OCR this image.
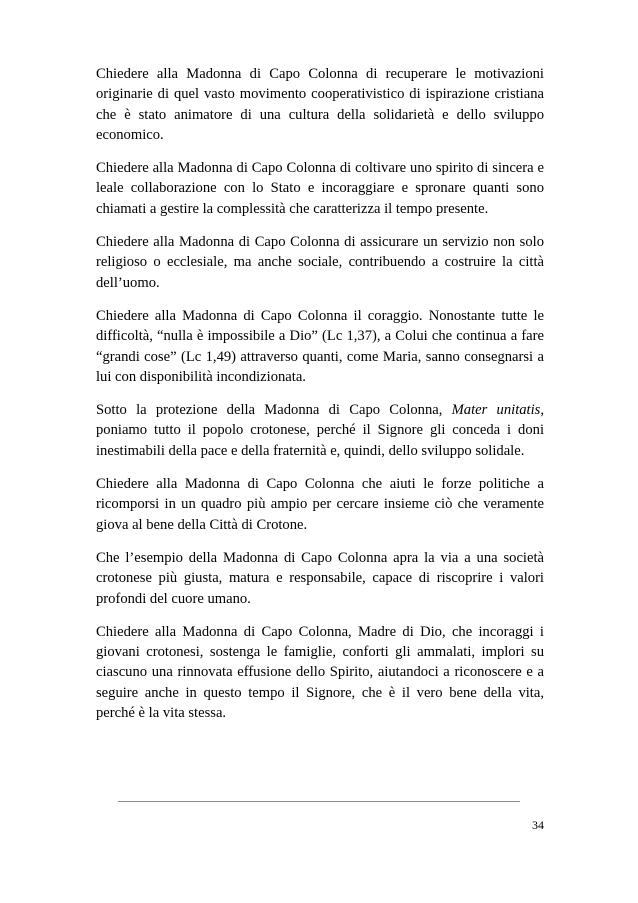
Chiedere alla Madonna di Capo Colonna di recuperare le motivazioni originarie di quel vasto movimento cooperativistico di ispirazione cristiana che è stato animatore di una cultura della solidarietà e dello sviluppo economico.

Chiedere alla Madonna di Capo Colonna di coltivare uno spirito di sincera e leale collaborazione con lo Stato e incoraggiare e spronare quanti sono chiamati a gestire la complessità che caratterizza il tempo presente.

Chiedere alla Madonna di Capo Colonna di assicurare un servizio non solo religioso o ecclesiale, ma anche sociale, contribuendo a costruire la città dell’uomo.

Chiedere alla Madonna di Capo Colonna il coraggio. Nonostante tutte le difficoltà, “nulla è impossibile a Dio” (Lc 1,37), a Colui che continua a fare “grandi cose” (Lc 1,49) attraverso quanti, come Maria, sanno consegnarsi a lui con disponibilità incondizionata.

Sotto la protezione della Madonna di Capo Colonna, Mater unitatis, poniamo tutto il popolo crotonese, perché il Signore gli conceda i doni inestimabili della pace e della fraternità e, quindi, dello sviluppo solidale.

Chiedere alla Madonna di Capo Colonna che aiuti le forze politiche a ricomporsi in un quadro più ampio per cercare insieme ciò che veramente giova al bene della Città di Crotone.

Che l’esempio della Madonna di Capo Colonna apra la via a una società crotonese più giusta, matura e responsabile, capace di riscoprire i valori profondi del cuore umano.

Chiedere alla Madonna di Capo Colonna, Madre di Dio, che incoraggi i giovani crotonesi, sostenga le famiglie, conforti gli ammalati, implori su ciascuno una rinnovata effusione dello Spirito, aiutandoci a riconoscere e a seguire anche in questo tempo il Signore, che è il vero bene della vita, perché è la vita stessa.

34
